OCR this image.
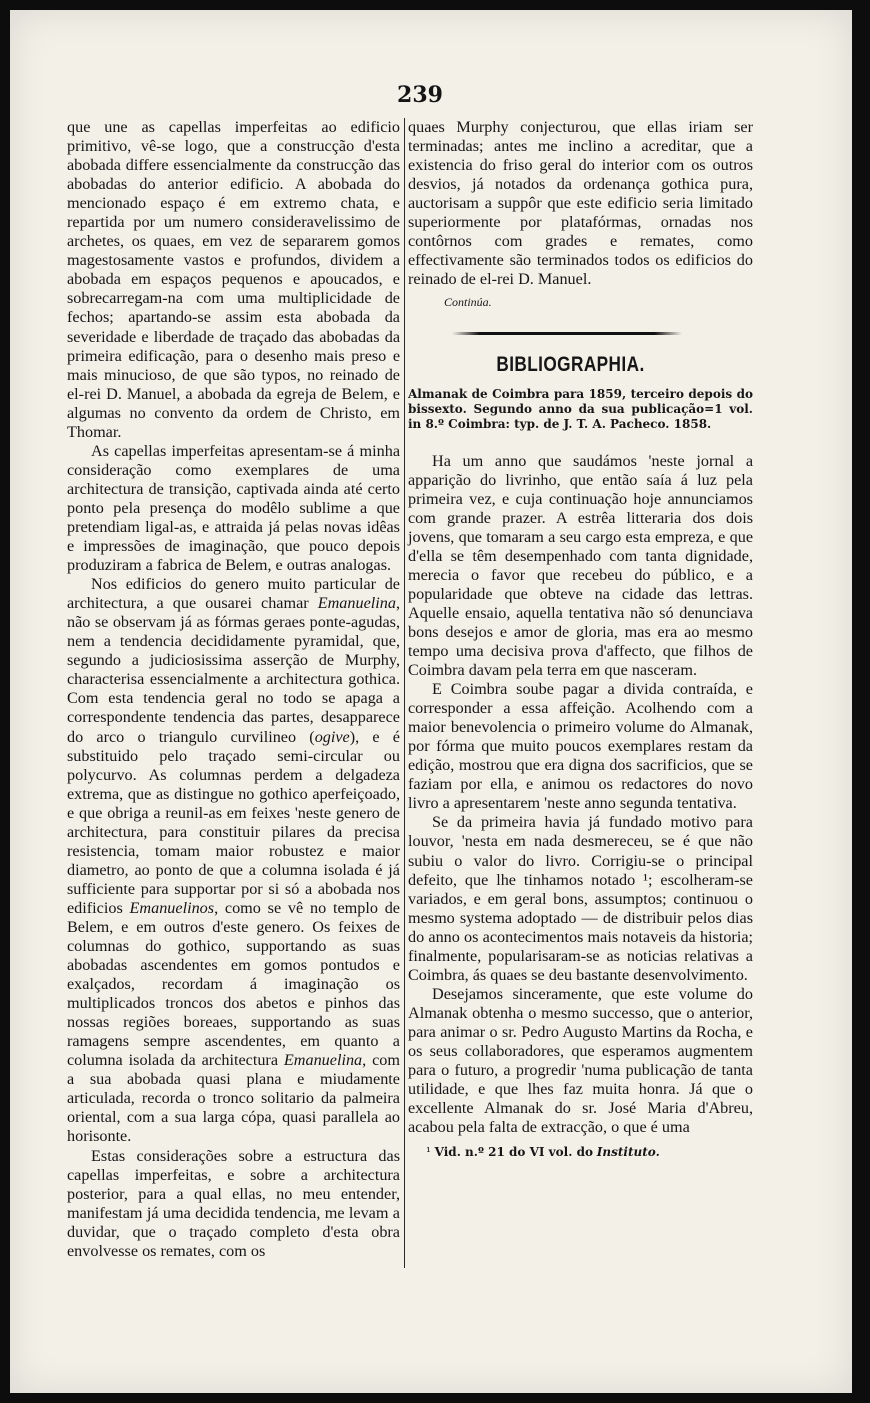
239

que une as capellas imperfeitas ao edificio primitivo, vê-se logo, que a construcção d'esta abobada differe essencialmente da construcção das abobadas do anterior edificio. A abobada do mencionado espaço é em extremo chata, e repartida por um numero consideravelissimo de archetes, os quaes, em vez de separarem gomos magestosamente vastos e profundos, dividem a abobada em espaços pequenos e apoucados, e sobrecarregam-na com uma multiplicidade de fechos; apartando-se assim esta abobada da severidade e liberdade de traçado das abobadas da primeira edificação, para o desenho mais preso e mais minucioso, de que são typos, no reinado de el-rei D. Manuel, a abobada da egreja de Belem, e algumas no convento da ordem de Christo, em Thomar.

As capellas imperfeitas apresentam-se á minha consideração como exemplares de uma architectura de transição, captivada ainda até certo ponto pela presença do modêlo sublime a que pretendiam ligal-as, e attraida já pelas novas idêas e impressões de imaginação, que pouco depois produziram a fabrica de Belem, e outras analogas.

Nos edificios do genero muito particular de architectura, a que ousarei chamar Emanuelina, não se observam já as fórmas geraes ponte-agudas, nem a tendencia decididamente pyramidal, que, segundo a judiciosissima asserção de Murphy, characterisa essencialmente a architectura gothica. Com esta tendencia geral no todo se apaga a correspondente tendencia das partes, desapparece do arco o triangulo curvilineo (ogive), e é substituido pelo traçado semi-circular ou polycurvo. As columnas perdem a delgadeza extrema, que as distingue no gothico aperfeiçoado, e que obriga a reunil-as em feixes 'neste genero de architectura, para constituir pilares da precisa resistencia, tomam maior robustez e maior diametro, ao ponto de que a columna isolada é já sufficiente para supportar por si só a abobada nos edificios Emanuelinos, como se vê no templo de Belem, e em outros d'este genero. Os feixes de columnas do gothico, supportando as suas abobadas ascendentes em gomos pontudos e exalçados, recordam á imaginação os multiplicados troncos dos abetos e pinhos das nossas regiões boreaes, supportando as suas ramagens sempre ascendentes, em quanto a columna isolada da architectura Emanuelina, com a sua abobada quasi plana e miudamente articulada, recorda o tronco solitario da palmeira oriental, com a sua larga cópa, quasi parallela ao horisonte.

Estas considerações sobre a estructura das capellas imperfeitas, e sobre a architectura posterior, para a qual ellas, no meu entender, manifestam já uma decidida tendencia, me levam a duvidar, que o traçado completo d'esta obra envolvesse os remates, com os

quaes Murphy conjecturou, que ellas iriam ser terminadas; antes me inclino a acreditar, que a existencia do friso geral do interior com os outros desvios, já notados da ordenança gothica pura, auctorisam a suppôr que este edificio seria limitado superiormente por platafórmas, ornadas nos contôrnos com grades e remates, como effectivamente são terminados todos os edificios do reinado de el-rei D. Manuel.

Continúa.
BIBLIOGRAPHIA.
Almanak de Coimbra para 1859, terceiro depois do bissexto. Segundo anno da sua publicação=1 vol. in 8.º Coimbra: typ. de J. T. A. Pacheco. 1858.

Ha um anno que saudámos 'neste jornal a apparição do livrinho, que então saía á luz pela primeira vez, e cuja continuação hoje annunciamos com grande prazer. A estrêa litteraria dos dois jovens, que tomaram a seu cargo esta empreza, e que d'ella se têm desempenhado com tanta dignidade, merecia o favor que recebeu do público, e a popularidade que obteve na cidade das lettras. Aquelle ensaio, aquella tentativa não só denunciava bons desejos e amor de gloria, mas era ao mesmo tempo uma decisiva prova d'affecto, que filhos de Coimbra davam pela terra em que nasceram.

E Coimbra soube pagar a divida contraída, e corresponder a essa affeição. Acolhendo com a maior benevolencia o primeiro volume do Almanak, por fórma que muito poucos exemplares restam da edição, mostrou que era digna dos sacrificios, que se faziam por ella, e animou os redactores do novo livro a apresentarem 'neste anno segunda tentativa.

Se da primeira havia já fundado motivo para louvor, 'nesta em nada desmereceu, se é que não subiu o valor do livro. Corrigiu-se o principal defeito, que lhe tinhamos notado ¹; escolheram-se variados, e em geral bons, assumptos; continuou o mesmo systema adoptado — de distribuir pelos dias do anno os acontecimentos mais notaveis da historia; finalmente, popularisaram-se as noticias relativas a Coimbra, ás quaes se deu bastante desenvolvimento.

Desejamos sinceramente, que este volume do Almanak obtenha o mesmo successo, que o anterior, para animar o sr. Pedro Augusto Martins da Rocha, e os seus collaboradores, que esperamos augmentem para o futuro, a progredir 'numa publicação de tanta utilidade, e que lhes faz muita honra. Já que o excellente Almanak do sr. José Maria d'Abreu, acabou pela falta de extracção, o que é uma

¹ Vid. n.º 21 do VI vol. do Instituto.
